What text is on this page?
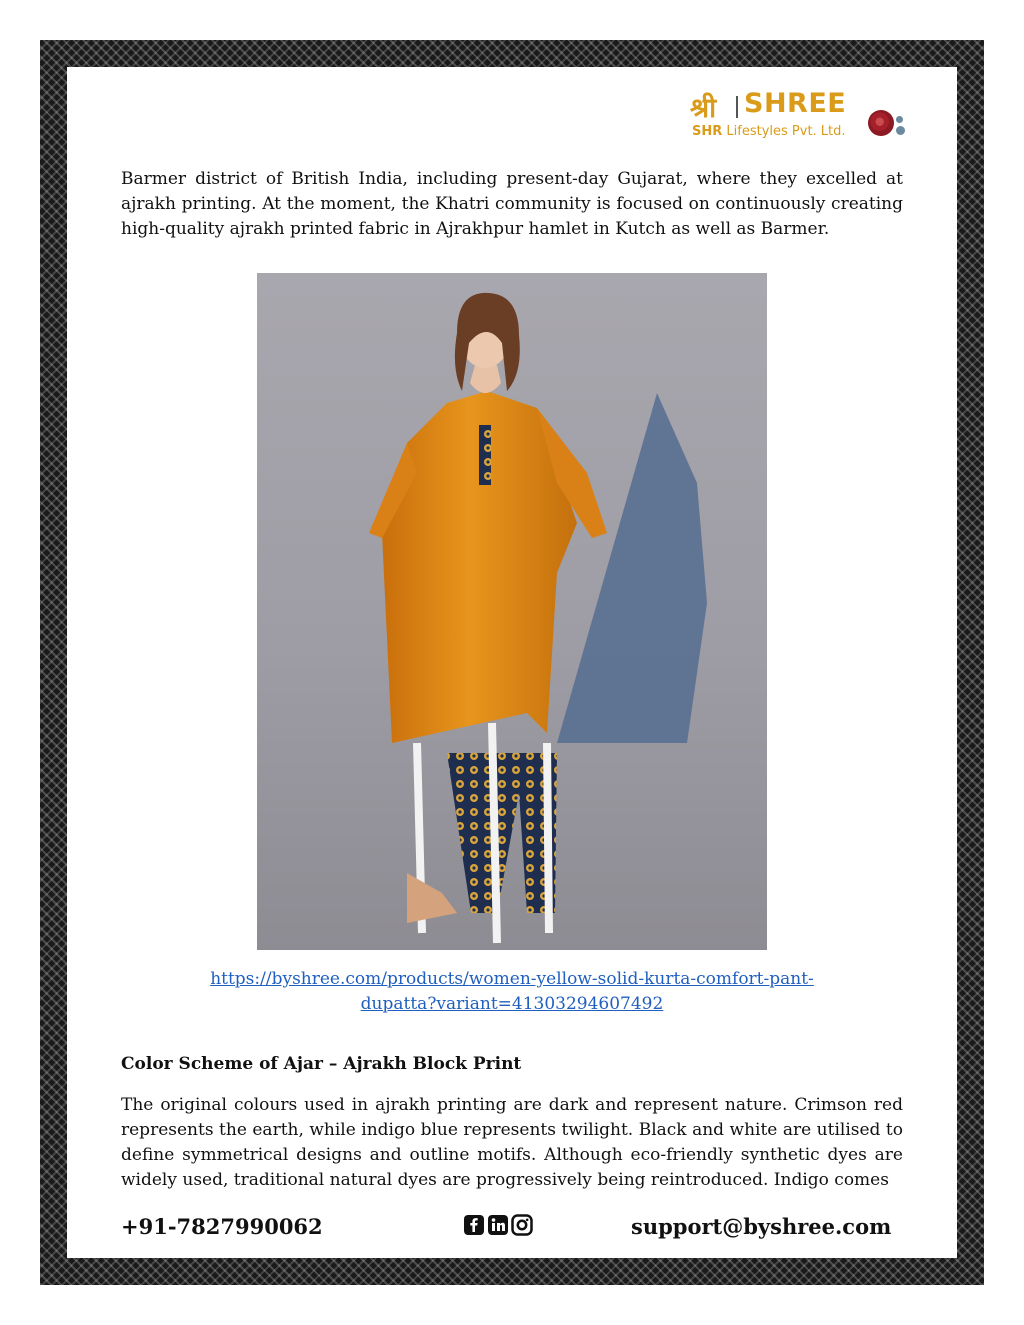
श्री SHREE
SHR Lifestyles Pvt. Ltd.

Barmer district of British India, including present-day Gujarat, where they excelled at ajrakh printing. At the moment, the Khatri community is focused on continuously creating high-quality ajrakh printed fabric in Ajrakhpur hamlet in Kutch as well as Barmer.

https://byshree.com/products/women-yellow-solid-kurta-comfort-pant-
dupatta?variant=41303294607492
Color Scheme of Ajar – Ajrakh Block Print

The original colours used in ajrakh printing are dark and represent nature. Crimson red represents the earth, while indigo blue represents twilight. Black and white are utilised to define symmetrical designs and outline motifs. Although eco-friendly synthetic dyes are widely used, traditional natural dyes are progressively being reintroduced. Indigo comes

+91-7827990062	support@byshree.com
